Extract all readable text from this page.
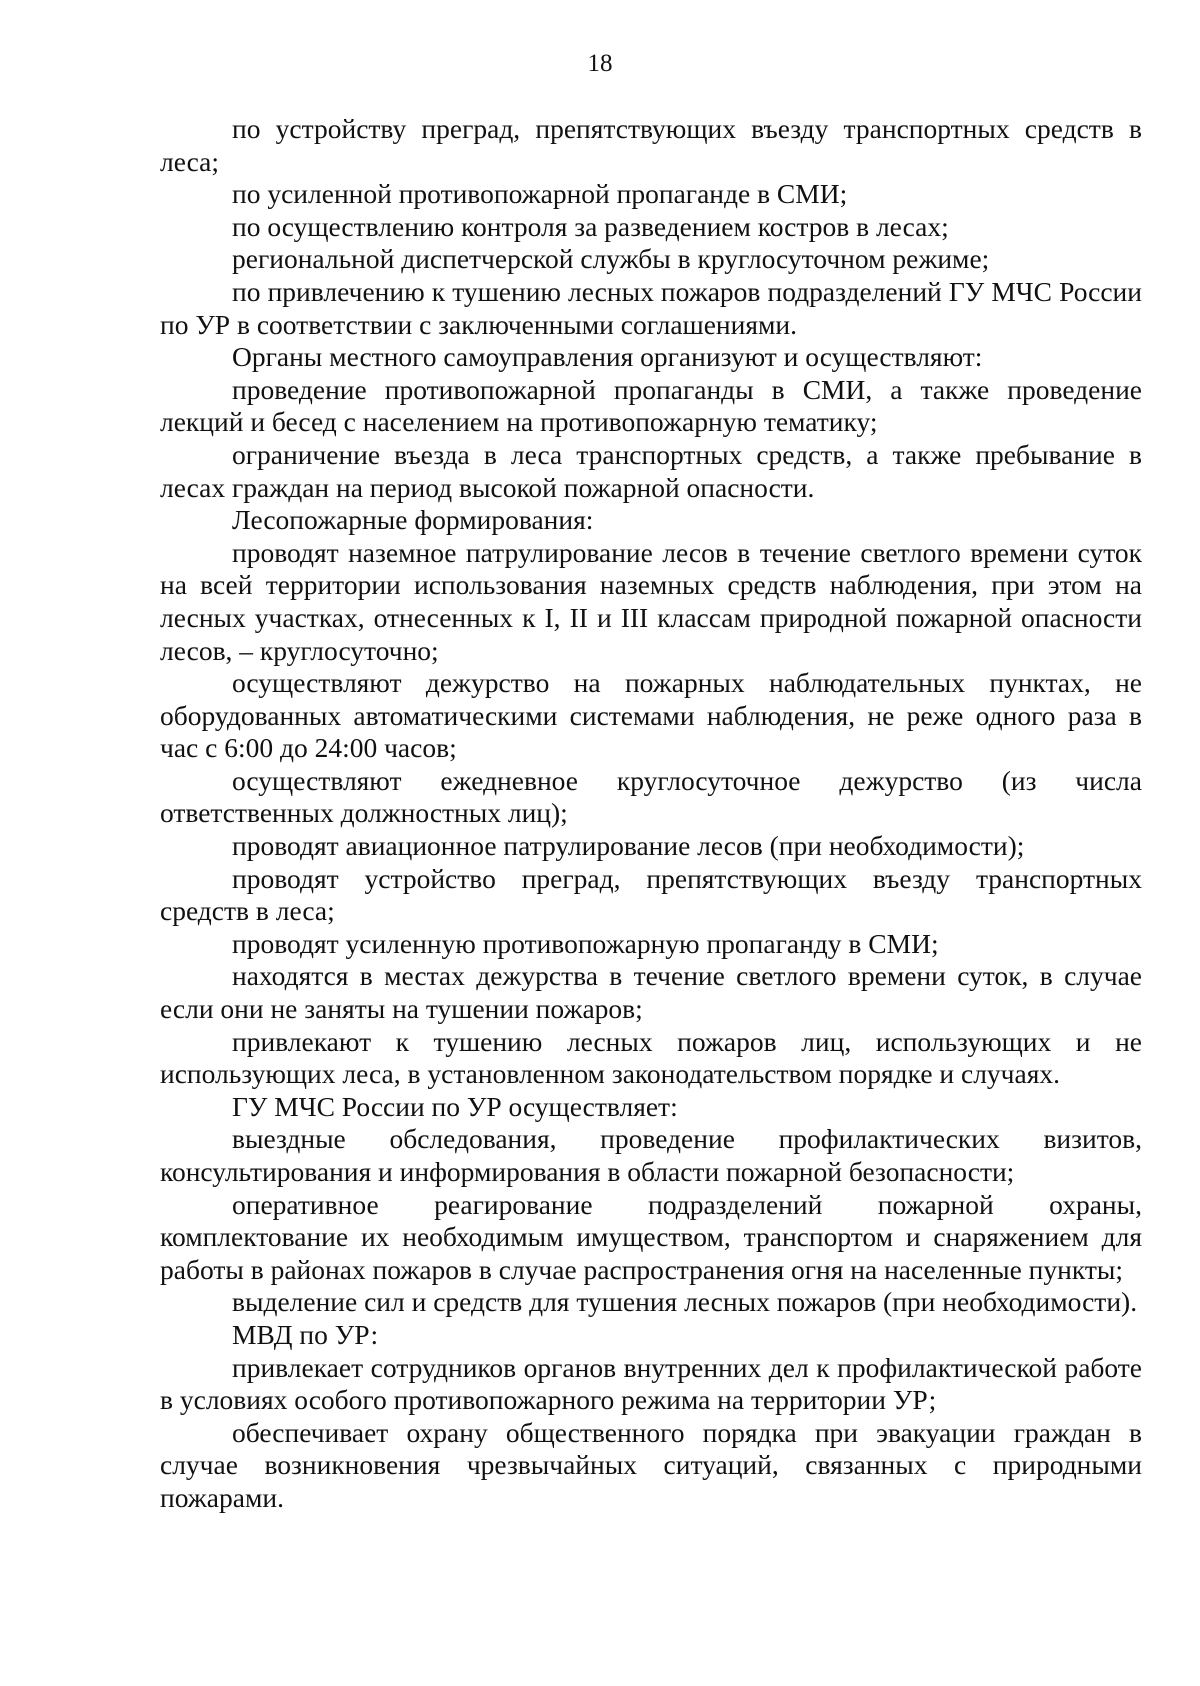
18

по устройству преград, препятствующих въезду транспортных средств в леса;

по усиленной противопожарной пропаганде в СМИ;

по осуществлению контроля за разведением костров в лесах;

региональной диспетчерской службы в круглосуточном режиме;

по привлечению к тушению лесных пожаров подразделений ГУ МЧС России по УР в соответствии с заключенными соглашениями.

Органы местного самоуправления организуют и осуществляют:

проведение противопожарной пропаганды в СМИ, а также проведение лекций и бесед с населением на противопожарную тематику;

ограничение въезда в леса транспортных средств, а также пребывание в лесах граждан на период высокой пожарной опасности.

Лесопожарные формирования:

проводят наземное патрулирование лесов в течение светлого времени суток на всей территории использования наземных средств наблюдения, при этом на лесных участках, отнесенных к I, II и III классам природной пожарной опасности лесов, – круглосуточно;

осуществляют дежурство на пожарных наблюдательных пунктах, не оборудованных автоматическими системами наблюдения, не реже одного раза в час с 6:00 до 24:00 часов;

осуществляют ежедневное круглосуточное дежурство (из числа ответственных должностных лиц);

проводят авиационное патрулирование лесов (при необходимости);

проводят устройство преград, препятствующих въезду транспортных средств в леса;

проводят усиленную противопожарную пропаганду в СМИ;

находятся в местах дежурства в течение светлого времени суток, в случае если они не заняты на тушении пожаров;

привлекают к тушению лесных пожаров лиц, использующих и не использующих леса, в установленном законодательством порядке и случаях.

ГУ МЧС России по УР осуществляет:

выездные обследования, проведение профилактических визитов, консультирования и информирования в области пожарной безопасности;

оперативное реагирование подразделений пожарной охраны, комплектование их необходимым имуществом, транспортом и снаряжением для работы в районах пожаров в случае распространения огня на населенные пункты;

выделение сил и средств для тушения лесных пожаров (при необходимости).

МВД по УР:

привлекает сотрудников органов внутренних дел к профилактической работе в условиях особого противопожарного режима на территории УР;

обеспечивает охрану общественного порядка при эвакуации граждан в случае возникновения чрезвычайных ситуаций, связанных с природными пожарами.
